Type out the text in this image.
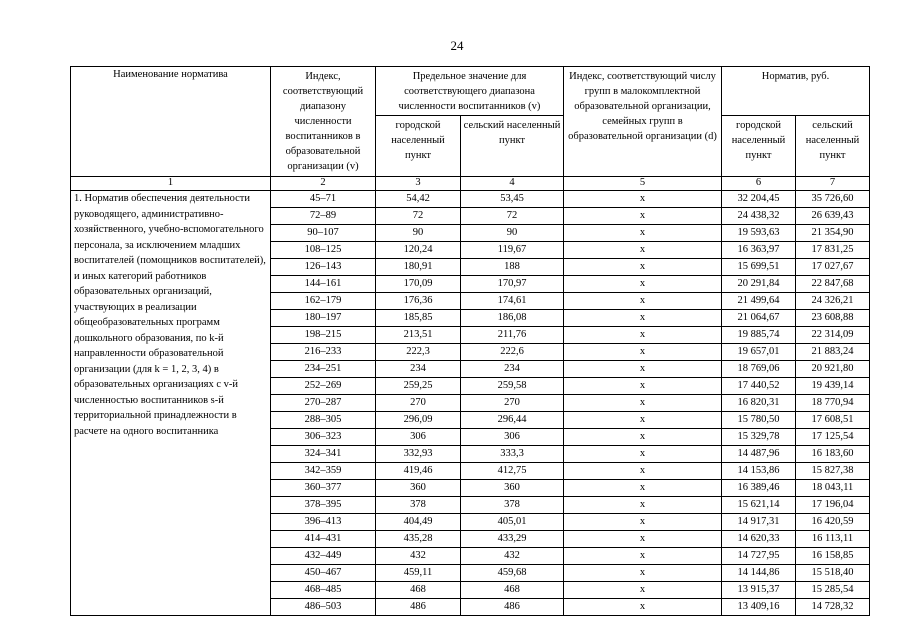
24
Наименование норматива	Индекс, соответствующий диапазону численности воспитанников в образовательной организации (v)	Предельное значение для соответствующего диапазона численности воспитанников (v)		Индекс, соответствующий числу групп в малокомплектной образовательной организации, семейных групп в образовательной организации (d)	Норматив, руб.	
		городской населенный пункт	сельский населенный пункт		городской населенный пункт	сельский населенный пункт
1	2	3	4	5	6	7
1. Норматив обеспечения деятельности руководящего, административно-хозяйственного, учебно-вспомогательного персонала, за исключением младших воспитателей (помощников воспитателей), и иных категорий работников образовательных организаций, участвующих в реализации общеобразовательных программ дошкольного образования, по k-й направленности образовательной организации (для k = 1, 2, 3, 4) в образовательных организациях с v-й численностью воспитанников s-й территориальной принадлежности в расчете на одного воспитанника	45–71	54,42	53,45	х	32 204,45	35 726,60
	72–89	72	72	х	24 438,32	26 639,43
	90–107	90	90	х	19 593,63	21 354,90
	108–125	120,24	119,67	х	16 363,97	17 831,25
	126–143	180,91	188	х	15 699,51	17 027,67
	144–161	170,09	170,97	х	20 291,84	22 847,68
	162–179	176,36	174,61	х	21 499,64	24 326,21
	180–197	185,85	186,08	х	21 064,67	23 608,88
	198–215	213,51	211,76	х	19 885,74	22 314,09
	216–233	222,3	222,6	х	19 657,01	21 883,24
	234–251	234	234	х	18 769,06	20 921,80
	252–269	259,25	259,58	х	17 440,52	19 439,14
	270–287	270	270	х	16 820,31	18 770,94
	288–305	296,09	296,44	х	15 780,50	17 608,51
	306–323	306	306	х	15 329,78	17 125,54
	324–341	332,93	333,3	х	14 487,96	16 183,60
	342–359	419,46	412,75	х	14 153,86	15 827,38
	360–377	360	360	х	16 389,46	18 043,11
	378–395	378	378	х	15 621,14	17 196,04
	396–413	404,49	405,01	х	14 917,31	16 420,59
	414–431	435,28	433,29	х	14 620,33	16 113,11
	432–449	432	432	х	14 727,95	16 158,85
	450–467	459,11	459,68	х	14 144,86	15 518,40
	468–485	468	468	х	13 915,37	15 285,54
	486–503	486	486	х	13 409,16	14 728,32
